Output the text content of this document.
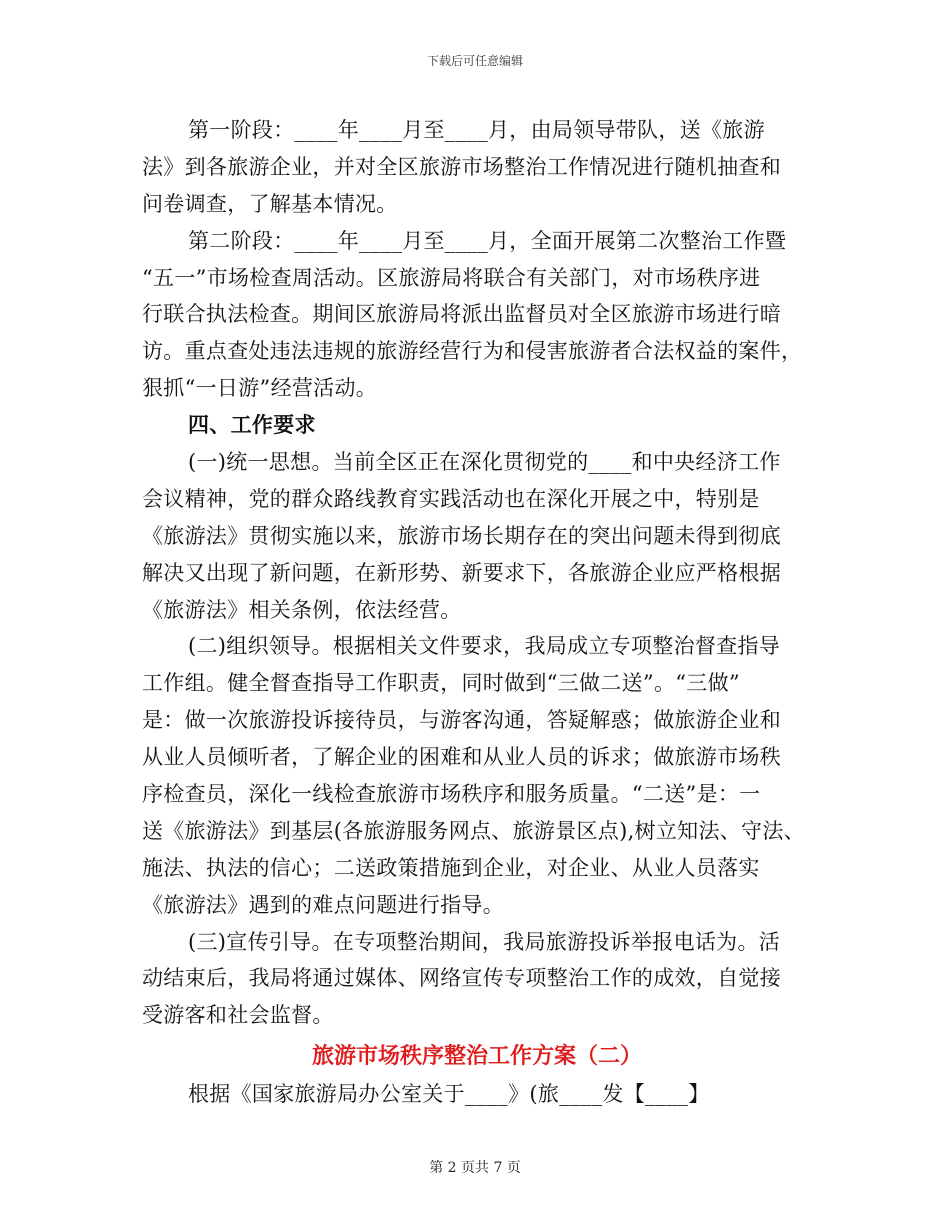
下载后可任意编辑
第一阶段：____年____月至____月，由局领导带队，送《旅游
法》到各旅游企业，并对全区旅游市场整治工作情况进行随机抽查和
问卷调查，了解基本情况。
第二阶段：____年____月至____月，全面开展第二次整治工作暨
“五一”市场检查周活动。区旅游局将联合有关部门，对市场秩序进
行联合执法检查。期间区旅游局将派出监督员对全区旅游市场进行暗
访。重点查处违法违规的旅游经营行为和侵害旅游者合法权益的案件，
狠抓“一日游”经营活动。
四、工作要求
(一)统一思想。当前全区正在深化贯彻党的____和中央经济工作
会议精神，党的群众路线教育实践活动也在深化开展之中，特别是
《旅游法》贯彻实施以来，旅游市场长期存在的突出问题未得到彻底
解决又出现了新问题，在新形势、新要求下，各旅游企业应严格根据
《旅游法》相关条例，依法经营。
(二)组织领导。根据相关文件要求，我局成立专项整治督查指导
工作组。健全督查指导工作职责，同时做到“三做二送”。“三做”
是：做一次旅游投诉接待员，与游客沟通，答疑解惑；做旅游企业和
从业人员倾听者，了解企业的困难和从业人员的诉求；做旅游市场秩
序检查员，深化一线检查旅游市场秩序和服务质量。“二送”是：一
送《旅游法》到基层(各旅游服务网点、旅游景区点),树立知法、守法、
施法、执法的信心；二送政策措施到企业，对企业、从业人员落实
《旅游法》遇到的难点问题进行指导。
(三)宣传引导。在专项整治期间，我局旅游投诉举报电话为。活
动结束后，我局将通过媒体、网络宣传专项整治工作的成效，自觉接
受游客和社会监督。
旅游市场秩序整治工作方案（二）
根据《国家旅游局办公室关于____》(旅____发【____】
第 2 页共 7 页
